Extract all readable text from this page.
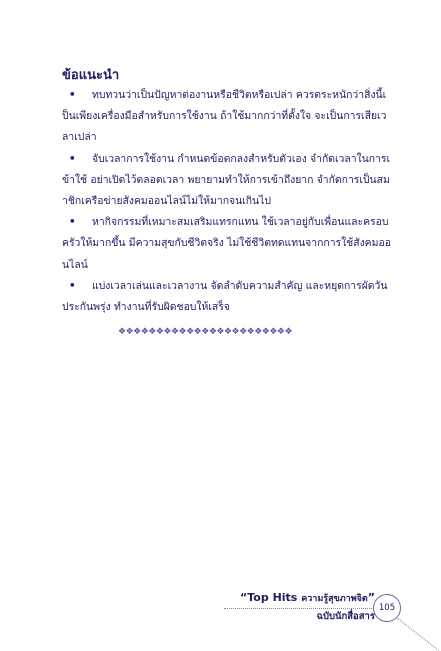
ข้อแนะนำ

• ทบทวนว่าเป็นปัญหาต่องานหรือชีวิตหรือเปล่า ควรตระหนักว่าสิ่งนี้เป็นเพียงเครื่องมือสำหรับการใช้งาน ถ้าใช้มากกว่าที่ตั้งใจ จะเป็นการเสียเวลาเปล่า

• จับเวลาการใช้งาน กำหนดข้อตกลงสำหรับตัวเอง จำกัดเวลาในการเข้าใช้ อย่าเปิดไว้ตลอดเวลา พยายามทำให้การเข้าถึงยาก จำกัดการเป็นสมาชิกเครือข่ายสังคมออนไลน์ไม่ให้มากจนเกินไป

• หากิจกรรมที่เหมาะสมเสริมแทรกแทน ใช้เวลาอยู่กับเพื่อนและครอบครัวให้มากขึ้น มีความสุขกับชีวิตจริง ไม่ใช้ชีวิตทดแทนจากการใช้สังคมออนไลน์

• แบ่งเวลาเล่นและเวลางาน จัดลำดับความสำคัญ และหยุดการผัดวันประกันพรุ่ง ทำงานที่รับผิดชอบให้เสร็จ

❖❖❖❖❖❖❖❖❖❖❖❖❖❖❖❖❖❖❖❖❖❖❖
“Top Hits ความรู้สุขภาพจิต”
ฉบับนักสื่อสาร
105
